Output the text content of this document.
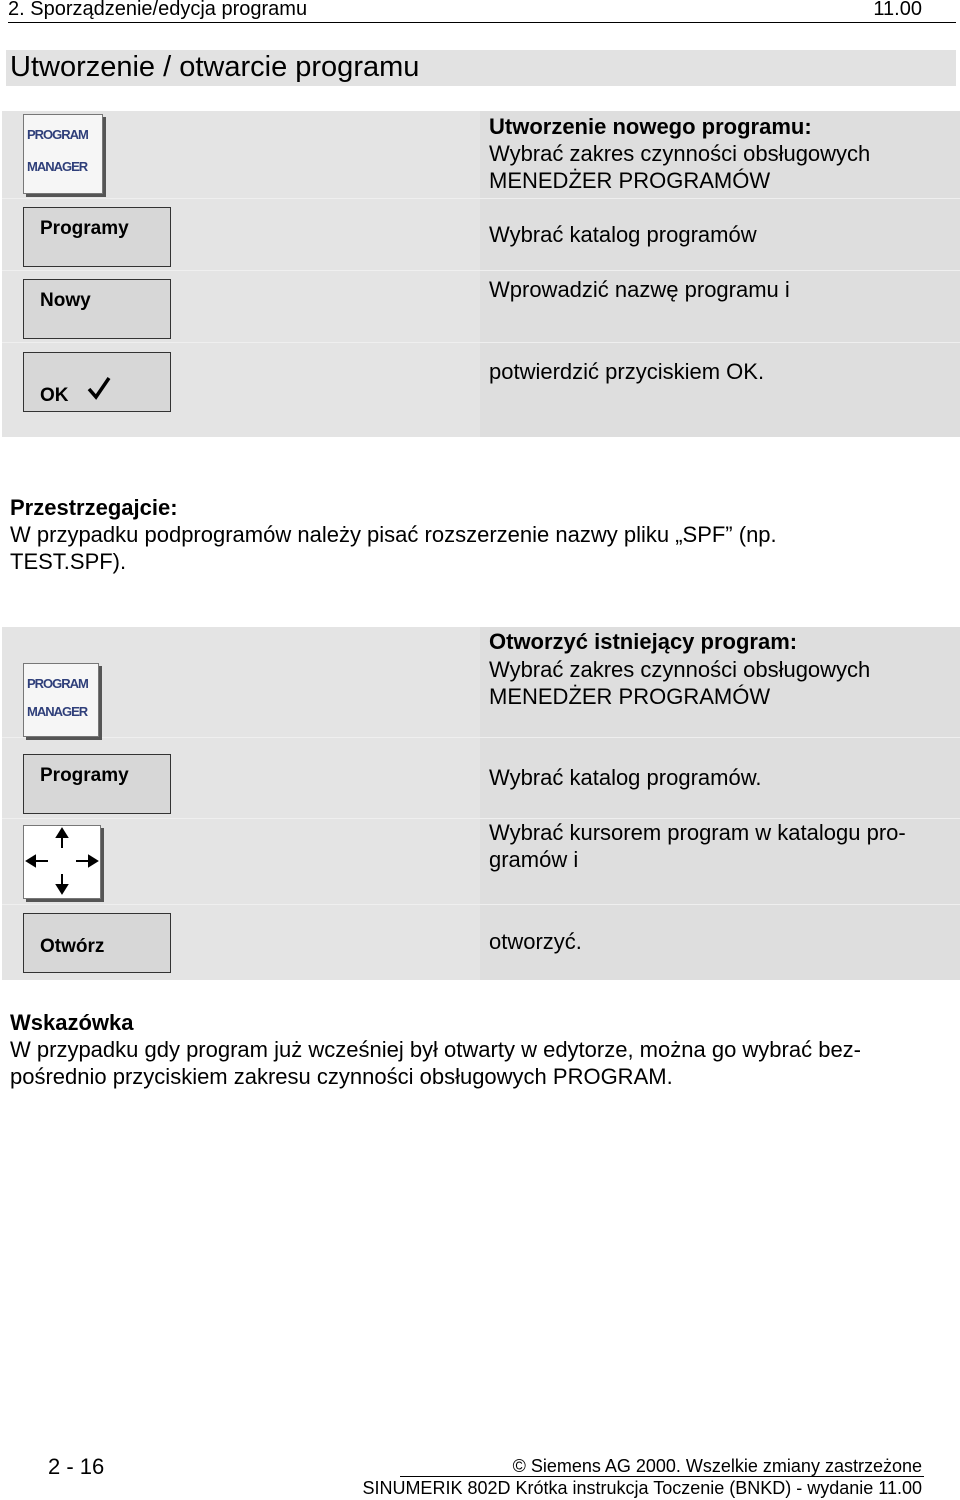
2. Sporządzenie/edycja programu	11.00
Utworzenie / otwarcie programu
PROGRAM
MANAGER
Programy
Nowy
OK
Utworzenie nowego programu:
Wybrać zakres czynności obsługowych
MENEDŻER PROGRAMÓW
Wybrać katalog programów
Wprowadzić nazwę programu i
potwierdzić przyciskiem OK.
Przestrzegajcie:
W przypadku podprogramów należy pisać rozszerzenie nazwy pliku „SPF” (np.
TEST.SPF).
PROGRAM
MANAGER
Programy
Otwórz
Otworzyć istniejący program:
Wybrać zakres czynności obsługowych
MENEDŻER PROGRAMÓW
Wybrać katalog programów.
Wybrać kursorem program w katalogu pro-
gramów i
otworzyć.
Wskazówka
W przypadku gdy program już wcześniej był otwarty w edytorze, można go wybrać bez-
pośrednio przyciskiem zakresu czynności obsługowych PROGRAM.
2 - 16	© Siemens AG 2000. Wszelkie zmiany zastrzeżone
SINUMERIK 802D Krótka instrukcja Toczenie (BNKD) - wydanie 11.00
